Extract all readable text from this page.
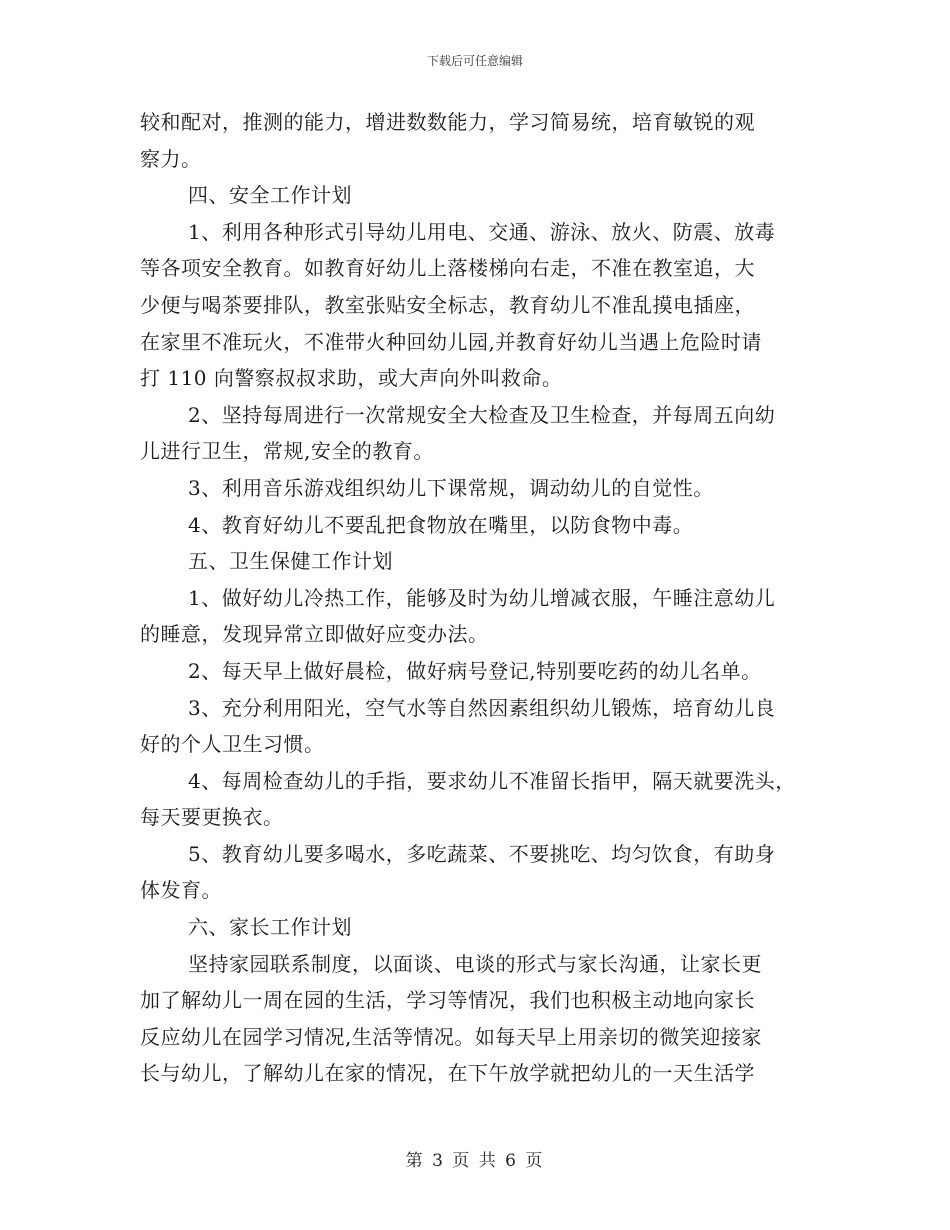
下载后可任意编辑
较和配对，推测的能力，增进数数能力，学习简易统，培育敏锐的观
察力。
四、安全工作计划
1、利用各种形式引导幼儿用电、交通、游泳、放火、防震、放毒
等各项安全教育。如教育好幼儿上落楼梯向右走，不准在教室追，大
少便与喝茶要排队，教室张贴安全标志，教育幼儿不准乱摸电插座，
在家里不准玩火，不准带火种回幼儿园,并教育好幼儿当遇上危险时请
打 110 向警察叔叔求助，或大声向外叫救命。
2、坚持每周进行一次常规安全大检查及卫生检查，并每周五向幼
儿进行卫生，常规,安全的教育。
3、利用音乐游戏组织幼儿下课常规，调动幼儿的自觉性。
4、教育好幼儿不要乱把食物放在嘴里，以防食物中毒。
五、卫生保健工作计划
1、做好幼儿冷热工作，能够及时为幼儿增减衣服，午睡注意幼儿
的睡意，发现异常立即做好应变办法。
2、每天早上做好晨检，做好病号登记,特别要吃药的幼儿名单。
3、充分利用阳光，空气水等自然因素组织幼儿锻炼，培育幼儿良
好的个人卫生习惯。
4、每周检查幼儿的手指，要求幼儿不准留长指甲，隔天就要洗头，
每天要更换衣。
5、教育幼儿要多喝水，多吃蔬菜、不要挑吃、均匀饮食，有助身
体发育。
六、家长工作计划
坚持家园联系制度，以面谈、电谈的形式与家长沟通，让家长更
加了解幼儿一周在园的生活，学习等情况，我们也积极主动地向家长
反应幼儿在园学习情况,生活等情况。如每天早上用亲切的微笑迎接家
长与幼儿，了解幼儿在家的情况，在下午放学就把幼儿的一天生活学
第 3 页 共 6 页
